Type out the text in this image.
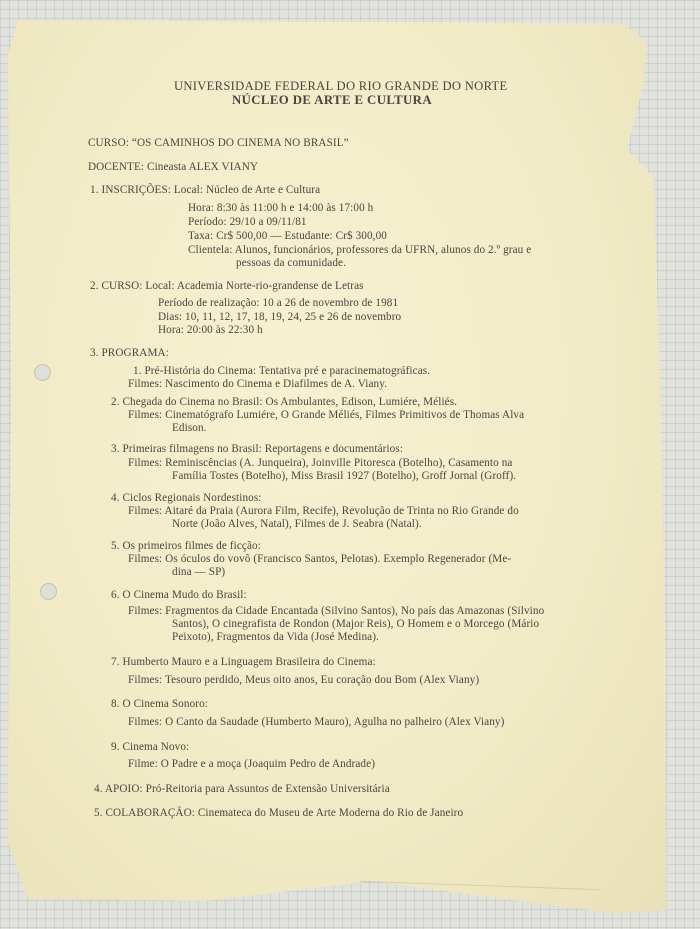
UNIVERSIDADE FEDERAL DO RIO GRANDE DO NORTE
NÚCLEO DE ARTE E CULTURA
CURSO: “OS CAMINHOS DO CINEMA NO BRASIL”
DOCENTE: Cineasta ALEX VIANY
1. INSCRIÇÕES: Local: Núcleo de Arte e Cultura
Hora: 8:30 às 11:00 h e 14:00 às 17:00 h
Período: 29/10 a 09/11/81
Taxa: Cr$ 500,00 — Estudante: Cr$ 300,00
Clientela: Alunos, funcionários, professores da UFRN, alunos do 2.º grau e
pessoas da comunidade.
2. CURSO: Local: Academia Norte-rio-grandense de Letras
Período de realização: 10 a 26 de novembro de 1981
Dias: 10, 11, 12, 17, 18, 19, 24, 25 e 26 de novembro
Hora: 20:00 às 22:30 h
3. PROGRAMA:
1. Pré-História do Cinema: Tentativa pré e paracinematográficas.
Filmes: Nascimento do Cinema e Diafilmes de A. Viany.
2. Chegada do Cinema no Brasil: Os Ambulantes, Edison, Lumiére, Méliés.
Filmes: Cinematógrafo Lumiére, O Grande Méliés, Filmes Primitivos de Thomas Alva
Edison.
3. Primeiras filmagens no Brasil: Reportagens e documentários:
Filmes: Reminiscências (A. Junqueira), Joinville Pitoresca (Botelho), Casamento na
Família Tostes (Botelho), Miss Brasil 1927 (Botelho), Groff Jornal (Groff).
4. Ciclos Regionais Nordestinos:
Filmes: Aitaré da Praia (Aurora Film, Recife), Revolução de Trinta no Rio Grande do
Norte (João Alves, Natal), Filmes de J. Seabra (Natal).
5. Os primeiros filmes de ficção:
Filmes: Os óculos do vovô (Francisco Santos, Pelotas). Exemplo Regenerador (Me-
dina — SP)
6. O Cinema Mudo do Brasil:
Filmes: Fragmentos da Cidade Encantada (Silvino Santos), No país das Amazonas (Silvino
Santos), O cinegrafista de Rondon (Major Reis), O Homem e o Morcego (Mário
Peixoto), Fragmentos da Vida (José Medina).
7. Humberto Mauro e a Linguagem Brasileira do Cinema:
Filmes: Tesouro perdido, Meus oito anos, Eu coração dou Bom (Alex Viany)
8. O Cinema Sonoro:
Filmes: O Canto da Saudade (Humberto Mauro), Agulha no palheiro (Alex Viany)
9. Cinema Novo:
Filme: O Padre e a moça (Joaquim Pedro de Andrade)
4. APOIO: Pró-Reitoria para Assuntos de Extensão Universitária
5. COLABORAÇÃO: Cinemateca do Museu de Arte Moderna do Rio de Janeiro
